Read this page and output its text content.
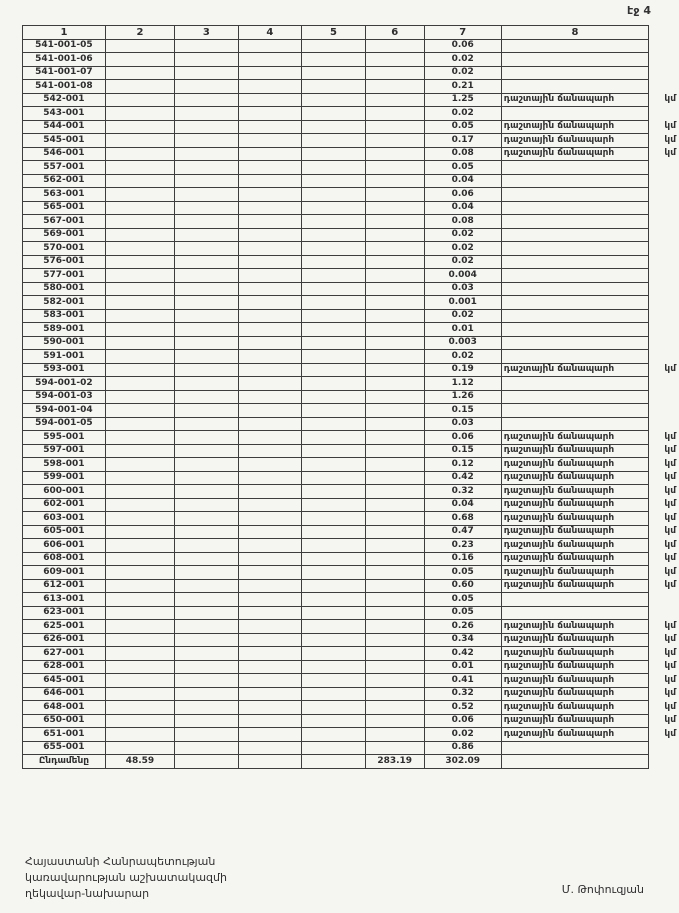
էջ 4
1	2	3	4	5	6	7	8	
541-001-05						0.06		
541-001-06						0.02		
541-001-07						0.02		
541-001-08						0.21		
542-001						1.25	դաշտային ճանապարհ	կմ
543-001						0.02		
544-001						0.05	դաշտային ճանապարհ	կմ
545-001						0.17	դաշտային ճանապարհ	կմ
546-001						0.08	դաշտային ճանապարհ	կմ
557-001						0.05		
562-001						0.04		
563-001						0.06		
565-001						0.04		
567-001						0.08		
569-001						0.02		
570-001						0.02		
576-001						0.02		
577-001						0.004		
580-001						0.03		
582-001						0.001		
583-001						0.02		
589-001						0.01		
590-001						0.003		
591-001						0.02		
593-001						0.19	դաշտային ճանապարհ	կմ
594-001-02						1.12		
594-001-03						1.26		
594-001-04						0.15		
594-001-05						0.03		
595-001						0.06	դաշտային ճանապարհ	կմ
597-001						0.15	դաշտային ճանապարհ	կմ
598-001						0.12	դաշտային ճանապարհ	կմ
599-001						0.42	դաշտային ճանապարհ	կմ
600-001						0.32	դաշտային ճանապարհ	կմ
602-001						0.04	դաշտային ճանապարհ	կմ
603-001						0.68	դաշտային ճանապարհ	կմ
605-001						0.47	դաշտային ճանապարհ	կմ
606-001						0.23	դաշտային ճանապարհ	կմ
608-001						0.16	դաշտային ճանապարհ	կմ
609-001						0.05	դաշտային ճանապարհ	կմ
612-001						0.60	դաշտային ճանապարհ	կմ
613-001						0.05		
623-001						0.05		
625-001						0.26	դաշտային ճանապարհ	կմ
626-001						0.34	դաշտային ճանապարհ	կմ
627-001						0.42	դաշտային ճանապարհ	կմ
628-001						0.01	դաշտային ճանապարհ	կմ
645-001						0.41	դաշտային ճանապարհ	կմ
646-001						0.32	դաշտային ճանապարհ	կմ
648-001						0.52	դաշտային ճանապարհ	կմ
650-001						0.06	դաշտային ճանապարհ	կմ
651-001						0.02	դաշտային ճանապարհ	կմ
655-001						0.86		
Ընդամենը	48.59				283.19	302.09		
Հայաստանի Հանրապետության
կառավարության աշխատակազմի
ղեկավար-նախարար	Մ. Թոփուզյան
